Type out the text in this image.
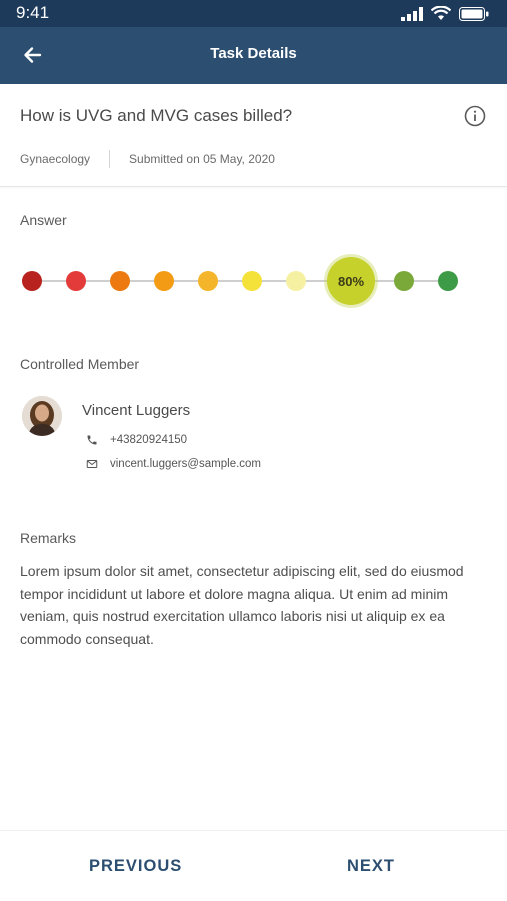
9:41
Task Details
How is UVG and MVG cases billed?
Gynaecology	Submitted on 05 May, 2020
Answer
80%
Controlled Member
Vincent Luggers
+43820924150
vincent.luggers@sample.com
Remarks
Lorem ipsum dolor sit amet, consectetur adipiscing elit, sed do eiusmod tempor incididunt ut labore et dolore magna aliqua. Ut enim ad minim veniam, quis nostrud exercitation ullamco laboris nisi ut aliquip ex ea commodo consequat.
PREVIOUS	NEXT
